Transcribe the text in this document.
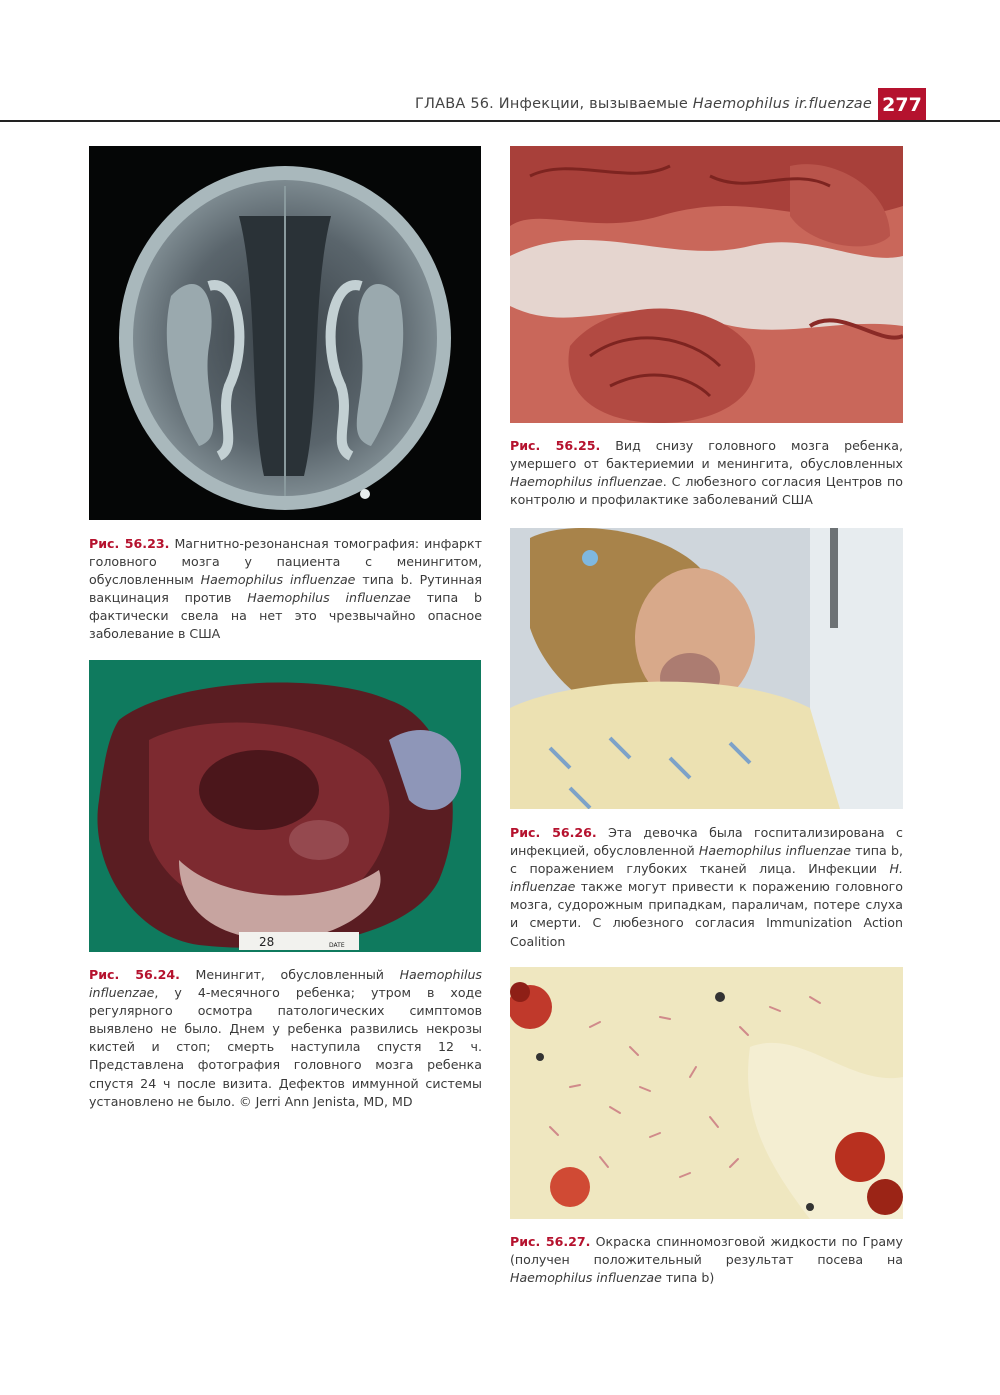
ГЛАВА 56. Инфекции, вызываемые Haemophilus ir.fluenzae 277
Рис. 56.23. Магнитно-резонансная томография: инфаркт головного мозга у пациента с менингитом, обусловленным Haemophilus influenzae типа b. Рутинная вакцинация против Haemophilus influenzae типа b фактически свела на нет это чрезвычайно опасное заболевание в США
28	DATE
Рис. 56.24. Менингит, обусловленный Haemophilus influenzae, у 4-месячного ребенка; утром в ходе регулярного осмотра патологических симптомов выявлено не было. Днем у ребенка развились некрозы кистей и стоп; смерть наступила спустя 12 ч. Представлена фотография головного мозга ребенка спустя 24 ч после визита. Дефектов иммунной системы установлено не было. © Jerri Ann Jenista, MD, MD
Рис. 56.25. Вид снизу головного мозга ребенка, умершего от бактериемии и менингита, обусловленных Haemophilus influenzae. С любезного согласия Центров по контролю и профилактике заболеваний США
Рис. 56.26. Эта девочка была госпитализирована с инфекцией, обусловленной Haemophilus influenzae типа b, с поражением глубоких тканей лица. Инфекции H. influenzae также могут привести к поражению головного мозга, судорожным припадкам, параличам, потере слуха и смерти. С любезного согласия Immunization Action Coalition
Рис. 56.27. Окраска спинномозговой жидкости по Граму (получен положительный результат посева на Haemophilus influenzae типа b)
